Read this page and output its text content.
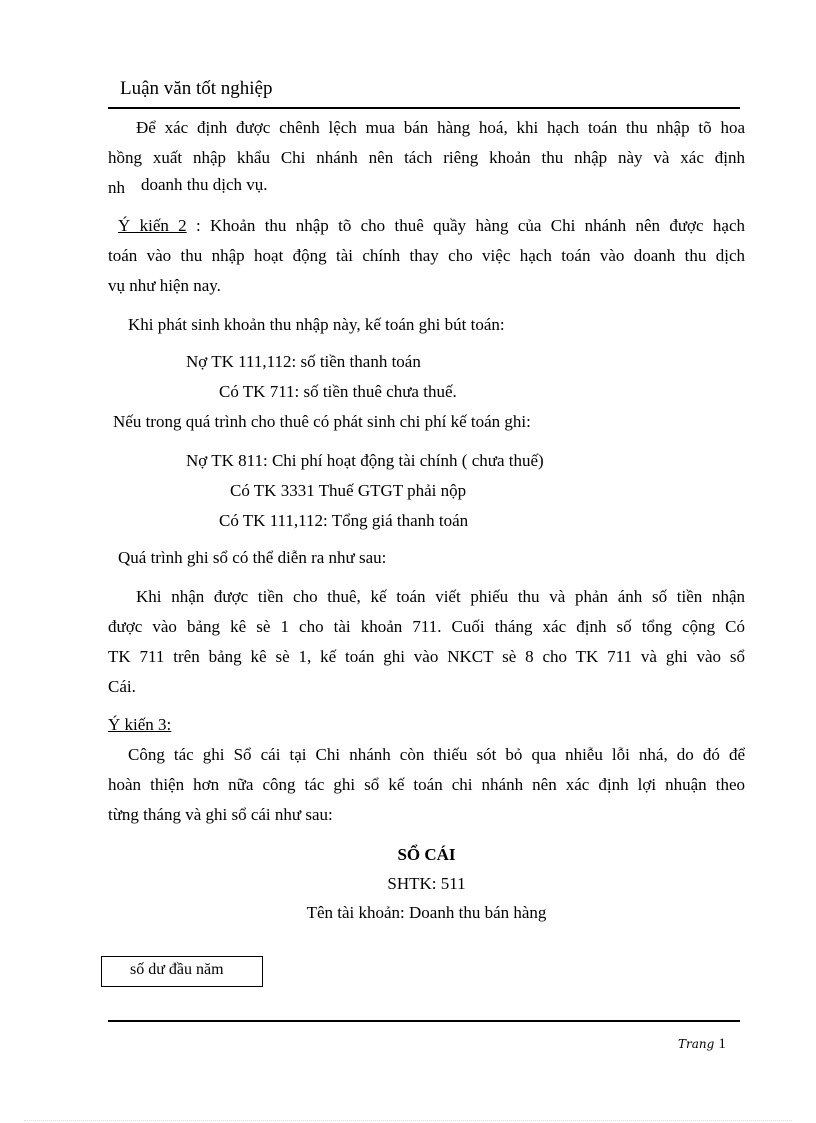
Luận văn tốt nghiệp
Để xác định được chênh lệch mua bán hàng hoá, khi hạch toán thu nhập tõ hoa
hồng xuất nhập khẩu Chi nhánh nên tách riêng khoản thu nhập này và xác định
nh doanh thu dịch vụ.
Ý kiến 2 : Khoản thu nhập tõ cho thuê quầy hàng của Chi nhánh nên được hạch
toán vào thu nhập hoạt động tài chính thay cho việc hạch toán vào doanh thu dịch
vụ như hiện nay.
Khi phát sinh khoản thu nhập này, kế toán ghi bút toán:
Nợ TK 111,112: số tiền thanh toán
Có TK 711: số tiền thuê chưa thuế.
Nếu trong quá trình cho thuê có phát sinh chi phí kế toán ghi:
Nợ TK 811: Chi phí hoạt động tài chính ( chưa thuế)
Có TK 3331 Thuế GTGT phải nộp
Có TK 111,112: Tổng giá thanh toán
Quá trình ghi sổ có thể diễn ra như sau:
Khi nhận được tiền cho thuê, kế toán viết phiếu thu và phản ánh số tiền nhận
được vào bảng kê sè 1 cho tài khoản 711. Cuối tháng xác định số tổng cộng Có
TK 711 trên bảng kê sè 1, kế toán ghi vào NKCT sè 8 cho TK 711 và ghi vào sổ
Cái.
Ý kiến 3:
Công tác ghi Sổ cái tại Chi nhánh còn thiếu sót bỏ qua nhiễu lỗi nhá, do đó để
hoàn thiện hơn nữa công tác ghi sổ kế toán chi nhánh nên xác định lợi nhuận theo
từng tháng và ghi sổ cái như sau:
SỔ CÁI
SHTK: 511
Tên tài khoản: Doanh thu bán hàng
số dư đầu năm
Trang 1
